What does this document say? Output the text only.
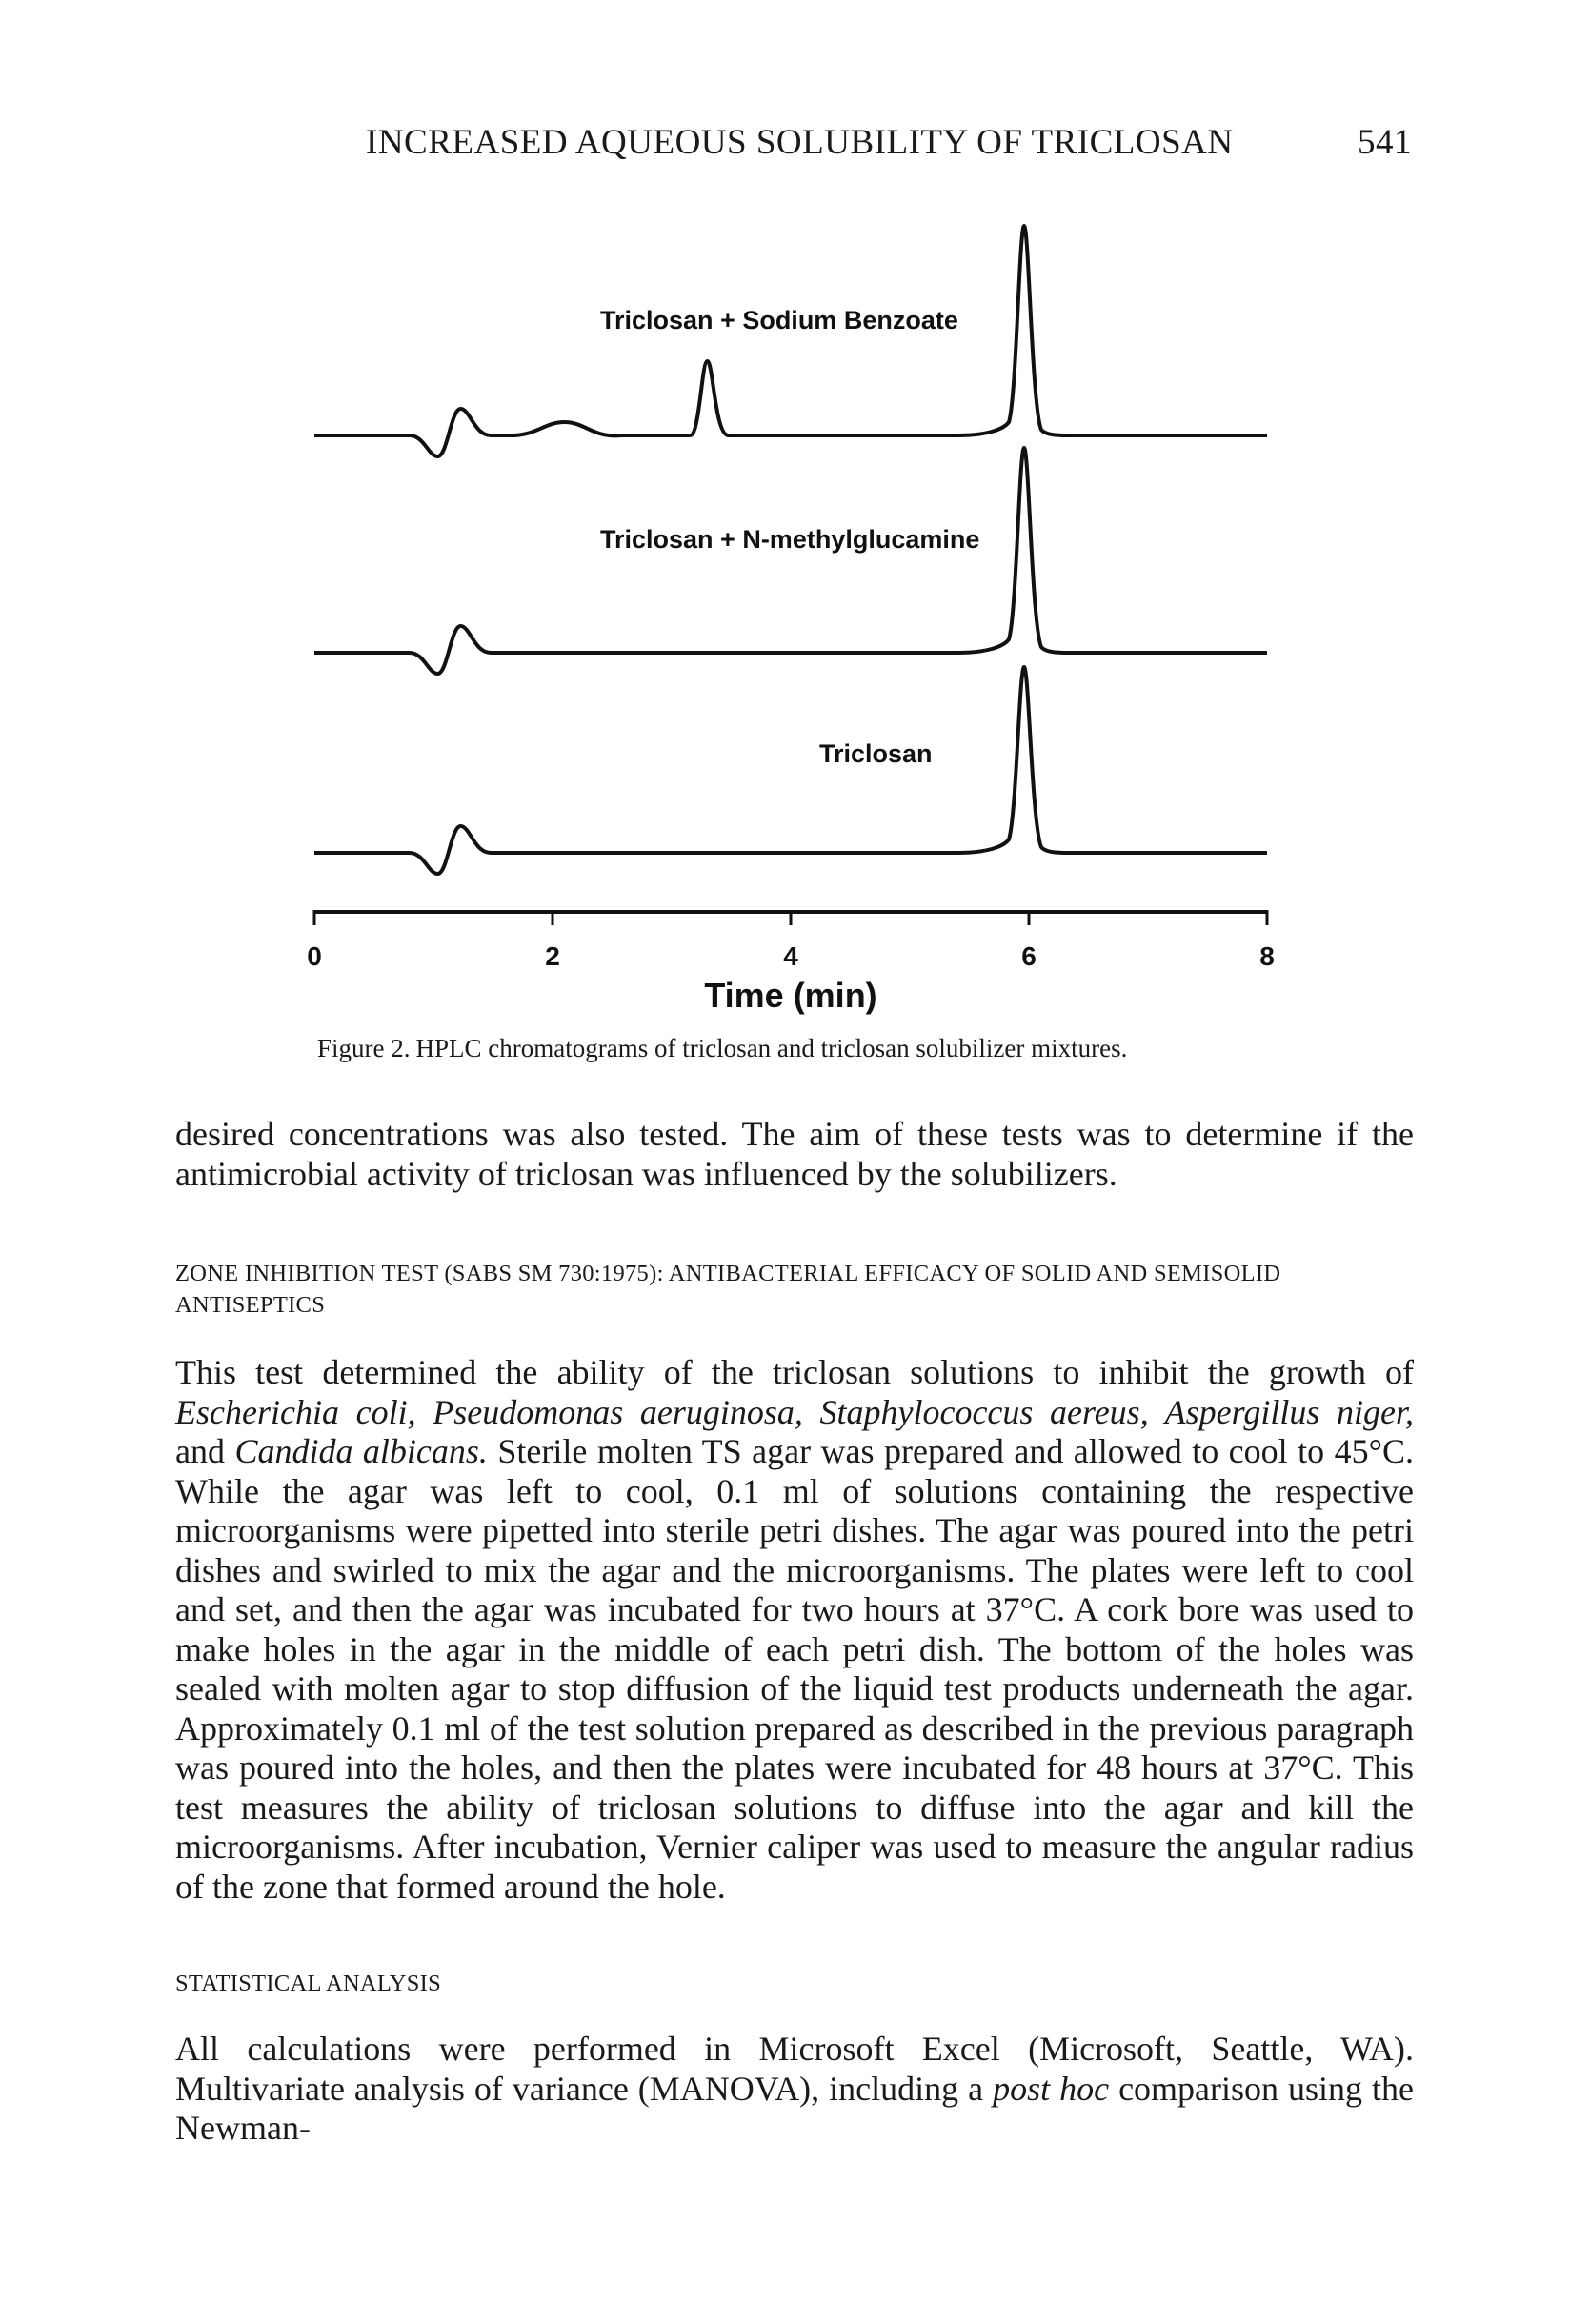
INCREASED AQUEOUS SOLUBILITY OF TRICLOSAN	541
Triclosan + Sodium Benzoate
Triclosan + N-methylglucamine
Triclosan
0	2	4	6	8
Time (min)
Figure 2. HPLC chromatograms of triclosan and triclosan solubilizer mixtures.
desired concentrations was also tested. The aim of these tests was to determine if the antimicrobial activity of triclosan was influenced by the solubilizers.
ZONE INHIBITION TEST (SABS SM 730:1975): ANTIBACTERIAL EFFICACY OF SOLID AND SEMISOLID ANTISEPTICS
This test determined the ability of the triclosan solutions to inhibit the growth of Escherichia coli, Pseudomonas aeruginosa, Staphylococcus aereus, Aspergillus niger, and Candida albicans. Sterile molten TS agar was prepared and allowed to cool to 45°C. While the agar was left to cool, 0.1 ml of solutions containing the respective microorganisms were pipetted into sterile petri dishes. The agar was poured into the petri dishes and swirled to mix the agar and the microorganisms. The plates were left to cool and set, and then the agar was incubated for two hours at 37°C. A cork bore was used to make holes in the agar in the middle of each petri dish. The bottom of the holes was sealed with molten agar to stop diffusion of the liquid test products underneath the agar. Approximately 0.1 ml of the test solution prepared as described in the previous paragraph was poured into the holes, and then the plates were incubated for 48 hours at 37°C. This test measures the ability of triclosan solutions to diffuse into the agar and kill the microorganisms. After incubation, Vernier caliper was used to measure the angular radius of the zone that formed around the hole.
STATISTICAL ANALYSIS
All calculations were performed in Microsoft Excel (Microsoft, Seattle, WA). Multivariate analysis of variance (MANOVA), including a post hoc comparison using the Newman-
